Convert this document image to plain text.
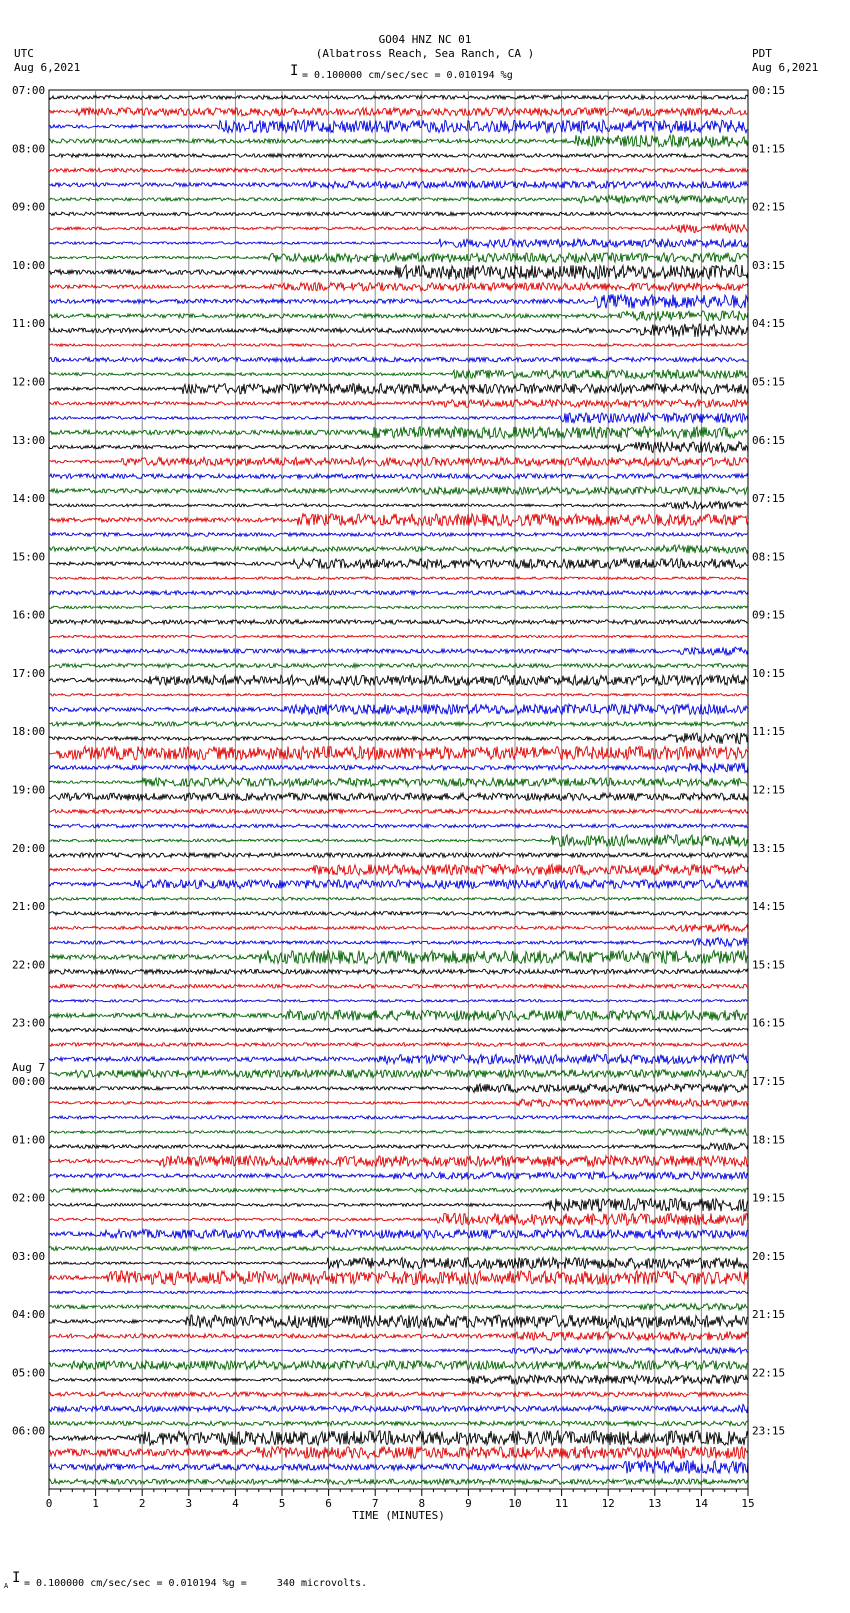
GO04 HNZ NC 01
(Albatross Reach, Sea Ranch, CA )
UTC
Aug 6,2021
PDT
Aug 6,2021
I = 0.100000 cm/sec/sec = 0.010194 %g
07:00	00:15
08:00	01:15
09:00	02:15
10:00	03:15
11:00	04:15
12:00	05:15
13:00	06:15
14:00	07:15
15:00	08:15
16:00	09:15
17:00	10:15
18:00	11:15
19:00	12:15
20:00	13:15
21:00	14:15
22:00	15:15
23:00	16:15
00:00	17:15
01:00	18:15
02:00	19:15
03:00	20:15
04:00	21:15
05:00	22:15
06:00	23:15
Aug 7
0	1	2	3	4	5	6	7	8	9	10	11	12	13	14	15
TIME (MINUTES)
A I = 0.100000 cm/sec/sec = 0.010194 %g =     340 microvolts.
